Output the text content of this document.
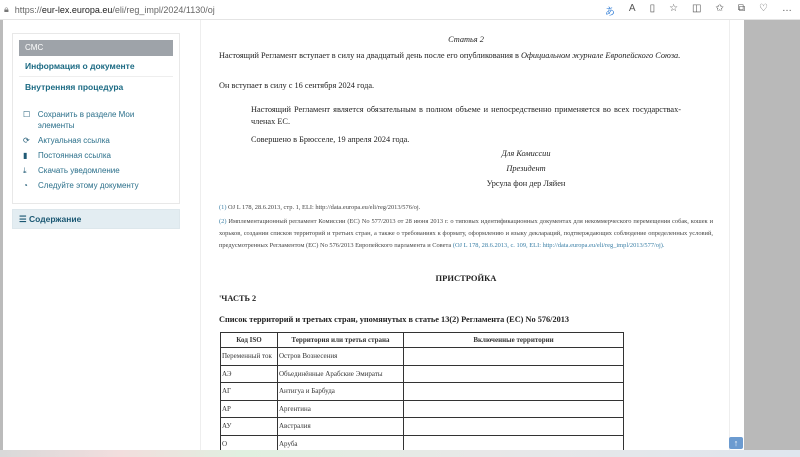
🔒︎ https://eur-lex.europa.eu/eli/reg_impl/2024/1130/oj	あ A ▯ ☆ ◫ ✩ ⧉ ♡ …
CMC
Информация о документе
Внутренняя процедура
☐ Сохранить в разделе Мои элементы
⟳	Актуальная ссылка
▮	Постоянная ссылка
⤓	Скачать уведомление
◔	Следуйте этому документу
☰ Содержание
Статья 2
Настоящий Регламент вступает в силу на двадцатый день после его опубликования в Официальном журнале Европейского Союза.
Он вступает в силу с 16 сентября 2024 года.
Настоящий Регламент является обязательным в полном объеме и непосредственно применяется во всех государствах-членах ЕС.
Совершено в Брюсселе, 19 апреля 2024 года.
Для Комиссии
Президент
Урсула фон дер Ляйен
(1) OJ L 178, 28.6.2013, стр. 1, ELI: http://data.europa.eu/eli/reg/2013/576/oj.
(2) Имплементационный регламент Комиссии (ЕС) No 577/2013 от 28 июня 2013 г. о типовых идентификационных документах для некоммерческого перемещения собак, кошек и хорьков, создании списков территорий и третьих стран, а также о требованиях к формату, оформлению и языку деклараций, подтверждающих соблюдение определенных условий, предусмотренных Регламентом (ЕС) No 576/2013 Европейского парламента и Совета (OJ L 178, 28.6.2013, с. 109, ELI: http://data.europa.eu/eli/reg_impl/2013/577/oj).
ПРИСТРОЙКА
'ЧАСТЬ 2
Список территорий и третьих стран, упомянутых в статье 13(2) Регламента (ЕС) No 576/2013
Код ISO	Территория или третья страна	Включенные территории
Переменный ток	Остров Вознесения	
АЭ	Объединённые Арабские Эмираты	
АГ	Антигуа и Барбуда	
АР	Аргентина	
АУ	Австралия	
О	Аруба		↑
